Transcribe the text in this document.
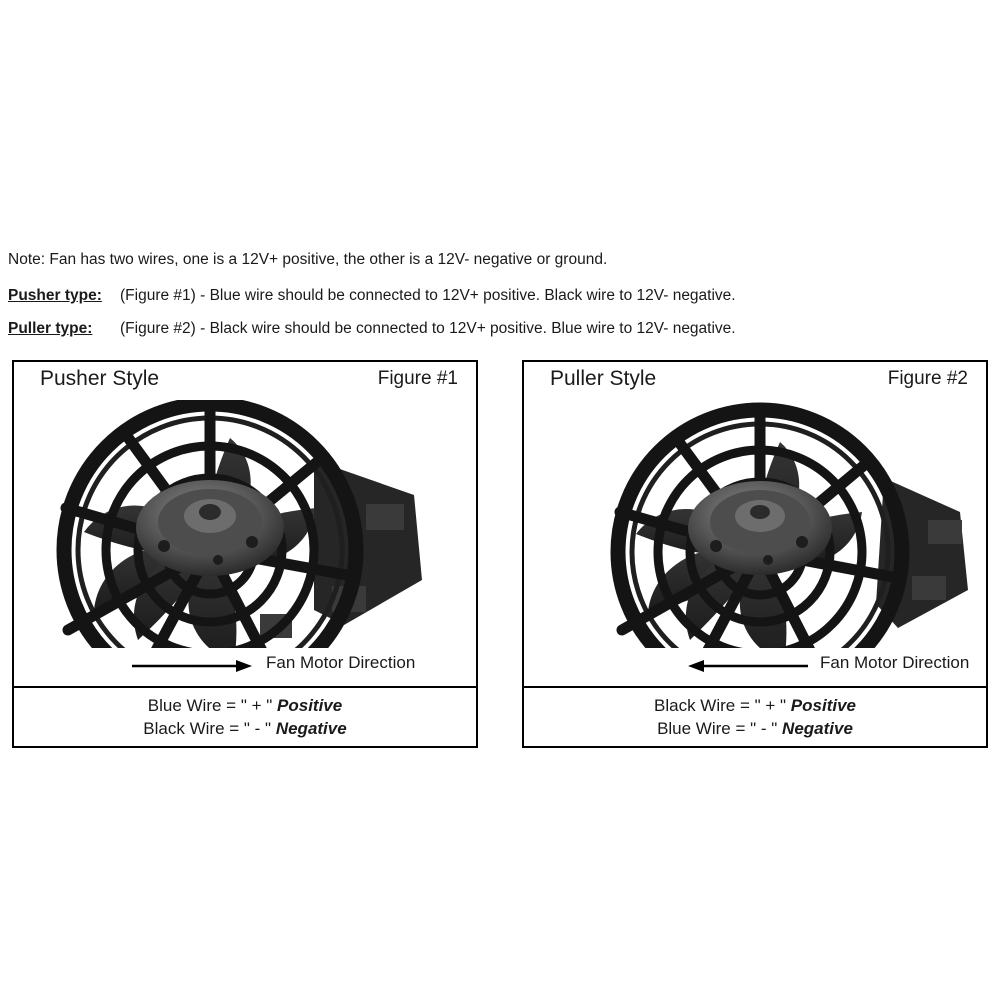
Note: Fan has two wires, one is a 12V+ positive, the other is a 12V- negative or ground.
Pusher type: (Figure #1) - Blue wire should be connected to 12V+ positive. Black wire to 12V- negative.
Puller type: (Figure #2) - Black wire should be connected to 12V+ positive. Blue wire to 12V- negative.
Pusher Style	Figure #1
Fan Motor Direction
Blue Wire = " + " Positive
Black Wire = " - " Negative
Puller Style	Figure #2
Fan Motor Direction
Black Wire = " + " Positive
Blue Wire = " - " Negative
